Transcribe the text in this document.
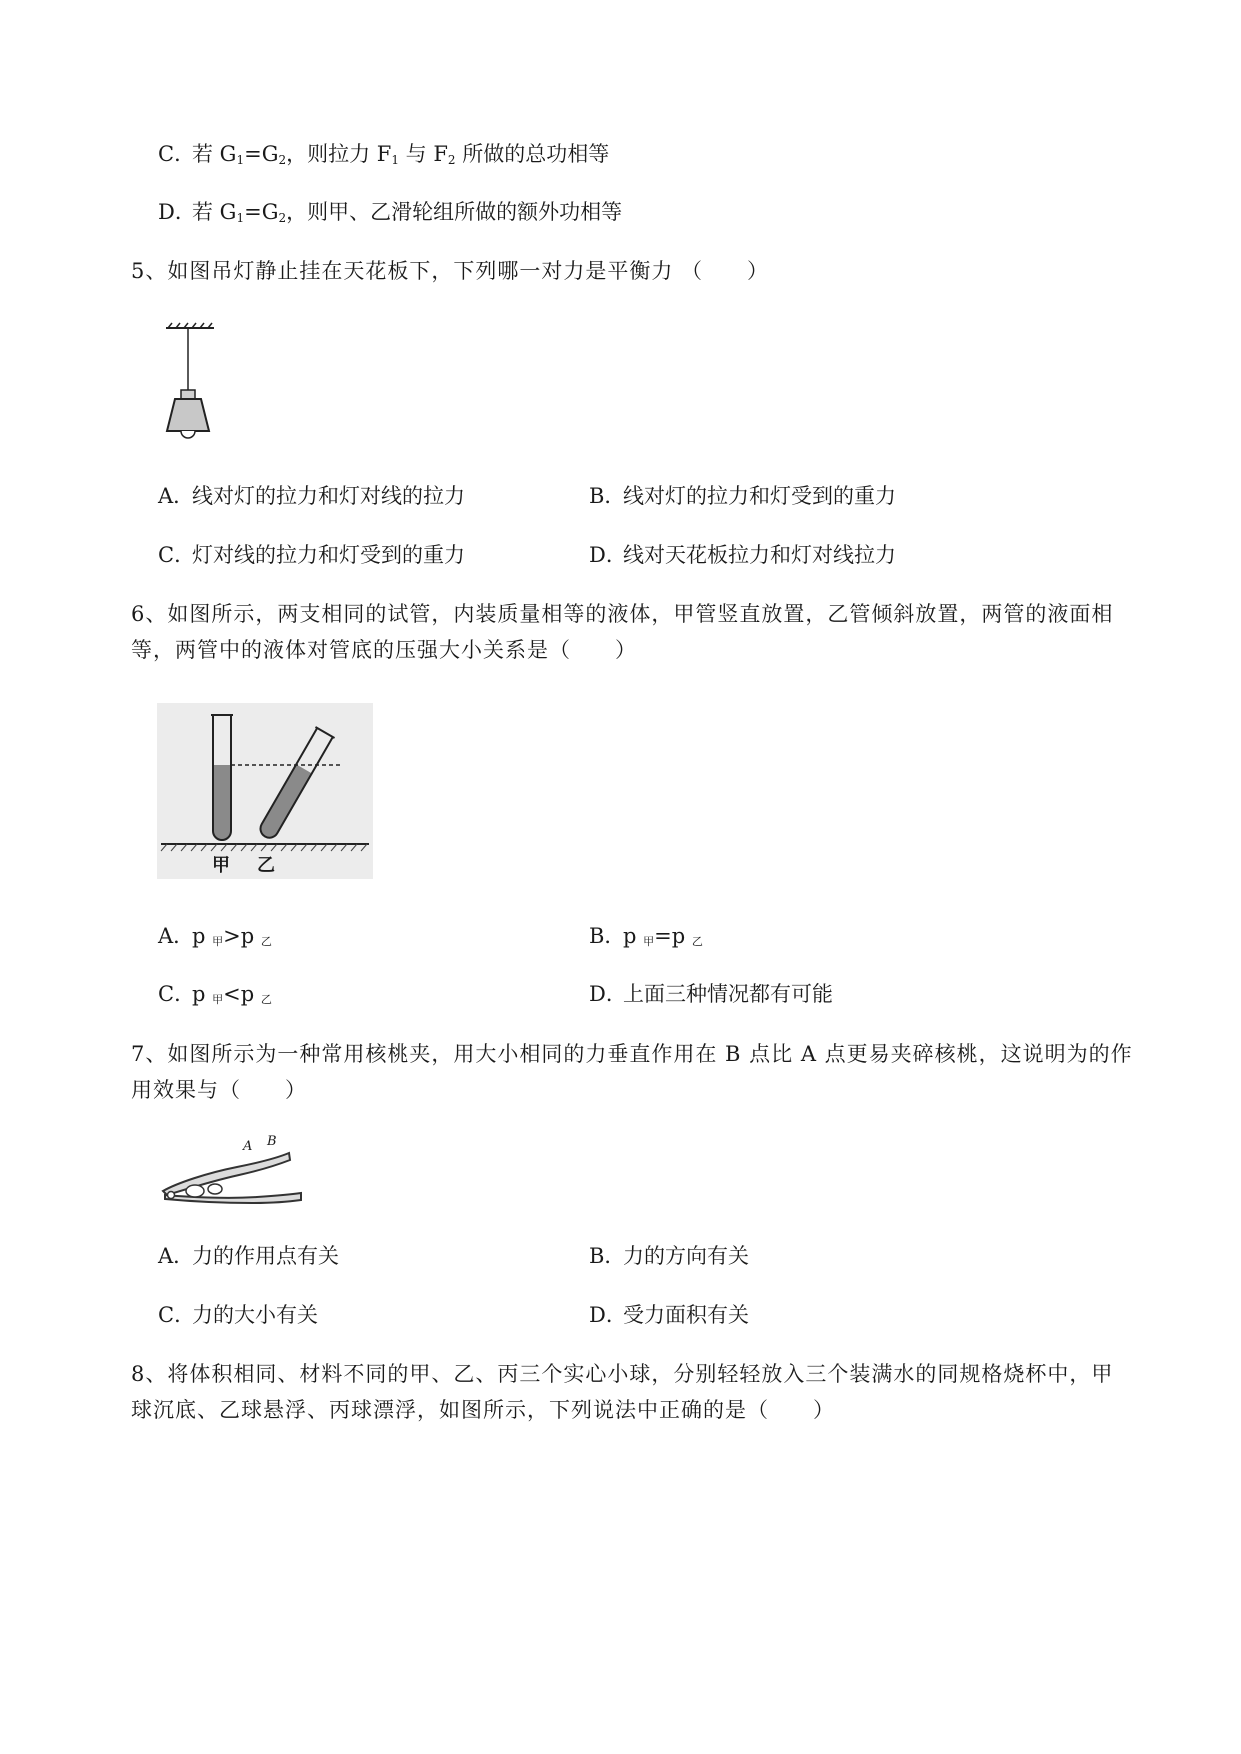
C．若 $G_1=G_2$，则拉力 $F_1$ 与 $F_2$ 所做的总功相等
D．若 $G_1=G_2$，则甲、乙滑轮组所做的额外功相等
5、如图吊灯静止挂在天花板下，下列哪一对力是平衡力 （　　）
A．线对灯的拉力和灯对线的拉力	B．线对灯的拉力和灯受到的重力
C．灯对线的拉力和灯受到的重力	D．线对天花板拉力和灯对线拉力
6、如图所示，两支相同的试管，内装质量相等的液体，甲管竖直放置，乙管倾斜放置，两管的液面相
等，两管中的液体对管底的压强大小关系是（　　）
甲 乙
A．p 甲>p 乙	B．p 甲=p 乙
C．p 甲<p 乙	D．上面三种情况都有可能
7、如图所示为一种常用核桃夹，用大小相同的力垂直作用在 B 点比 A 点更易夹碎核桃，这说明为的作
用效果与（　　）
A B
A．力的作用点有关	B．力的方向有关
C．力的大小有关	D．受力面积有关
8、将体积相同、材料不同的甲、乙、丙三个实心小球，分别轻轻放入三个装满水的同规格烧杯中，甲
球沉底、乙球悬浮、丙球漂浮，如图所示，下列说法中正确的是（　　）
